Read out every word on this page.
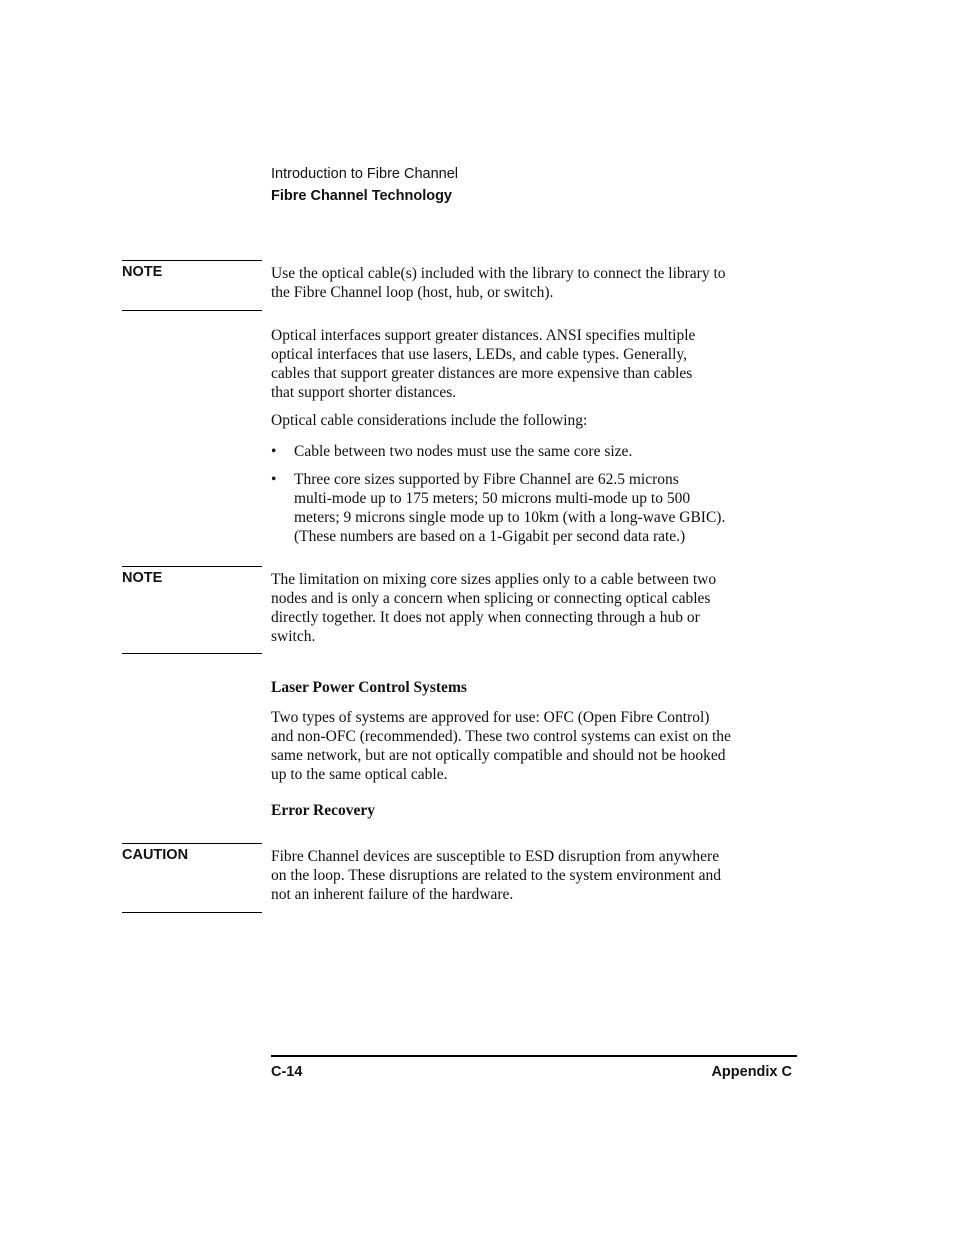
Introduction to Fibre Channel
Fibre Channel Technology
NOTE	Use the optical cable(s) included with the library to connect the library to

the Fibre Channel loop (host, hub, or switch).

Optical interfaces support greater distances. ANSI specifies multiple

optical interfaces that use lasers, LEDs, and cable types. Generally,

cables that support greater distances are more expensive than cables

that support shorter distances.

Optical cable considerations include the following:

• Cable between two nodes must use the same core size.

• Three core sizes supported by Fibre Channel are 62.5 microns

multi-mode up to 175 meters; 50 microns multi-mode up to 500

meters; 9 microns single mode up to 10km (with a long-wave GBIC).

(These numbers are based on a 1-Gigabit per second data rate.)

NOTE	The limitation on mixing core sizes applies only to a cable between two

nodes and is only a concern when splicing or connecting optical cables

directly together. It does not apply when connecting through a hub or

switch.

Laser Power Control Systems

Two types of systems are approved for use: OFC (Open Fibre Control)

and non-OFC (recommended). These two control systems can exist on the

same network, but are not optically compatible and should not be hooked

up to the same optical cable.

Error Recovery
CAUTION	Fibre Channel devices are susceptible to ESD disruption from anywhere

on the loop. These disruptions are related to the system environment and

not an inherent failure of the hardware.

C-14	Appendix C
